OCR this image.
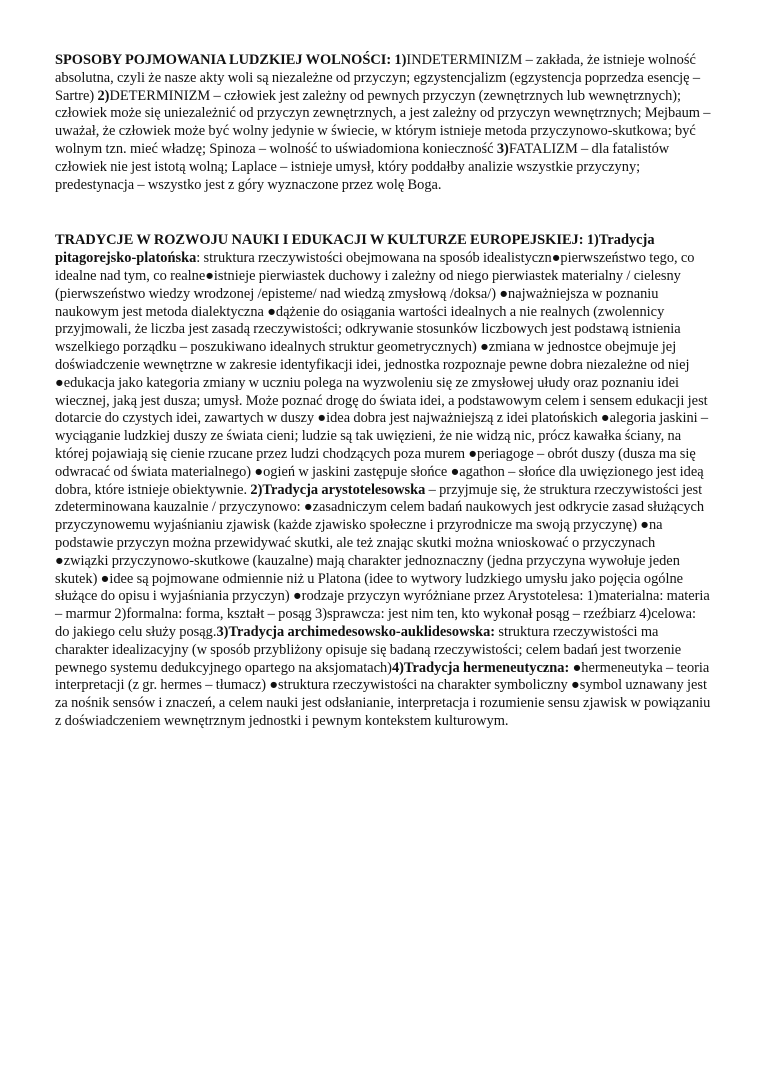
SPOSOBY POJMOWANIA LUDZKIEJ WOLNOŚCI: 1)INDETERMINIZM – zakłada, że istnieje wolność absolutna, czyli że nasze akty woli są niezależne od przyczyn; egzystencjalizm (egzystencja poprzedza esencję – Sartre) 2)DETERMINIZM – człowiek jest zależny od pewnych przyczyn (zewnętrznych lub wewnętrznych); człowiek może się uniezależnić od przyczyn zewnętrznych, a jest zależny od przyczyn wewnętrznych; Mejbaum – uważał, że człowiek może być wolny jedynie w świecie, w którym istnieje metoda przyczynowo-skutkowa; być wolnym tzn. mieć władzę; Spinoza – wolność to uświadomiona konieczność 3)FATALIZM – dla fatalistów człowiek nie jest istotą wolną; Laplace – istnieje umysł, który poddałby analizie wszystkie przyczyny; predestynacja – wszystko jest z góry wyznaczone przez wolę Boga.

TRADYCJE W ROZWOJU NAUKI I EDUKACJI W KULTURZE EUROPEJSKIEJ: 1)Tradycja pitagorejsko-platońska: struktura rzeczywistości obejmowana na sposób idealistyczn●pierwszeństwo tego, co idealne nad tym, co realne●istnieje pierwiastek duchowy i zależny od niego pierwiastek materialny / cielesny (pierwszeństwo wiedzy wrodzonej /episteme/ nad wiedzą zmysłową /doksa/) ●najważniejsza w poznaniu naukowym jest metoda dialektyczna ●dążenie do osiągania wartości idealnych a nie realnych (zwolennicy przyjmowali, że liczba jest zasadą rzeczywistości; odkrywanie stosunków liczbowych jest podstawą istnienia wszelkiego porządku – poszukiwano idealnych struktur geometrycznych) ●zmiana w jednostce obejmuje jej doświadczenie wewnętrzne w zakresie identyfikacji idei, jednostka rozpoznaje pewne dobra niezależne od niej ●edukacja jako kategoria zmiany w uczniu polega na wyzwoleniu się ze zmysłowej ułudy oraz poznaniu idei wiecznej, jaką jest dusza; umysł. Może poznać drogę do świata idei, a podstawowym celem i sensem edukacji jest dotarcie do czystych idei, zawartych w duszy ●idea dobra jest najważniejszą z idei platońskich ●alegoria jaskini – wyciąganie ludzkiej duszy ze świata cieni; ludzie są tak uwięzieni, że nie widzą nic, prócz kawałka ściany, na której pojawiają się cienie rzucane przez ludzi chodzących poza murem ●periagoge – obrót duszy (dusza ma się odwracać od świata materialnego) ●ogień w jaskini zastępuje słońce ●agathon – słońce dla uwięzionego jest ideą dobra, które istnieje obiektywnie. 2)Tradycja arystotelesowska – przyjmuje się, że struktura rzeczywistości jest zdeterminowana kauzalnie / przyczynowo: ●zasadniczym celem badań naukowych jest odkrycie zasad służących przyczynowemu wyjaśnianiu zjawisk (każde zjawisko społeczne i przyrodnicze ma swoją przyczynę) ●na podstawie przyczyn można przewidywać skutki, ale też znając skutki można wnioskować o przyczynach ●związki przyczynowo-skutkowe (kauzalne) mają charakter jednoznaczny (jedna przyczyna wywołuje jeden skutek) ●idee są pojmowane odmiennie niż u Platona (idee to wytwory ludzkiego umysłu jako pojęcia ogólne służące do opisu i wyjaśniania przyczyn) ●rodzaje przyczyn wyróżniane przez Arystotelesa: 1)materialna: materia – marmur 2)formalna: forma, kształt – posąg 3)sprawcza: jest nim ten, kto wykonał posąg – rzeźbiarz 4)celowa: do jakiego celu służy posąg.3)Tradycja archimedesowsko-auklidesowska: struktura rzeczywistości ma charakter idealizacyjny (w sposób przybliżony opisuje się badaną rzeczywistości; celem badań jest tworzenie pewnego systemu dedukcyjnego opartego na aksjomatach)4)Tradycja hermeneutyczna: ●hermeneutyka – teoria interpretacji (z gr. hermes – tłumacz) ●struktura rzeczywistości na charakter symboliczny ●symbol uznawany jest za nośnik sensów i znaczeń, a celem nauki jest odsłanianie, interpretacja i rozumienie sensu zjawisk w powiązaniu z doświadczeniem wewnętrznym jednostki i pewnym kontekstem kulturowym.
